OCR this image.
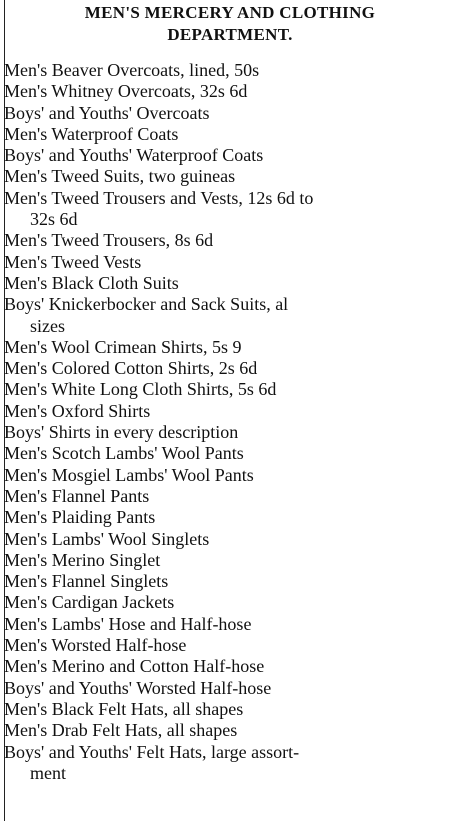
MEN'S MERCERY AND CLOTHING
DEPARTMENT.
Men's Beaver Overcoats, lined, 50s
Men's Whitney Overcoats, 32s 6d
Boys' and Youths' Overcoats
Men's Waterproof Coats
Boys' and Youths' Waterproof Coats
Men's Tweed Suits, two guineas
Men's Tweed Trousers and Vests, 12s 6d to
32s 6d
Men's Tweed Trousers, 8s 6d
Men's Tweed Vests
Men's Black Cloth Suits
Boys' Knickerbocker and Sack Suits, al
sizes
Men's Wool Crimean Shirts, 5s 9
Men's Colored Cotton Shirts, 2s 6d
Men's White Long Cloth Shirts, 5s 6d
Men's Oxford Shirts
Boys' Shirts in every description
Men's Scotch Lambs' Wool Pants
Men's Mosgiel Lambs' Wool Pants
Men's Flannel Pants
Men's Plaiding Pants
Men's Lambs' Wool Singlets
Men's Merino Singlet
Men's Flannel Singlets
Men's Cardigan Jackets
Men's Lambs' Hose and Half-hose
Men's Worsted Half-hose
Men's Merino and Cotton Half-hose
Boys' and Youths' Worsted Half-hose
Men's Black Felt Hats, all shapes
Men's Drab Felt Hats, all shapes
Boys' and Youths' Felt Hats, large assort-
ment
